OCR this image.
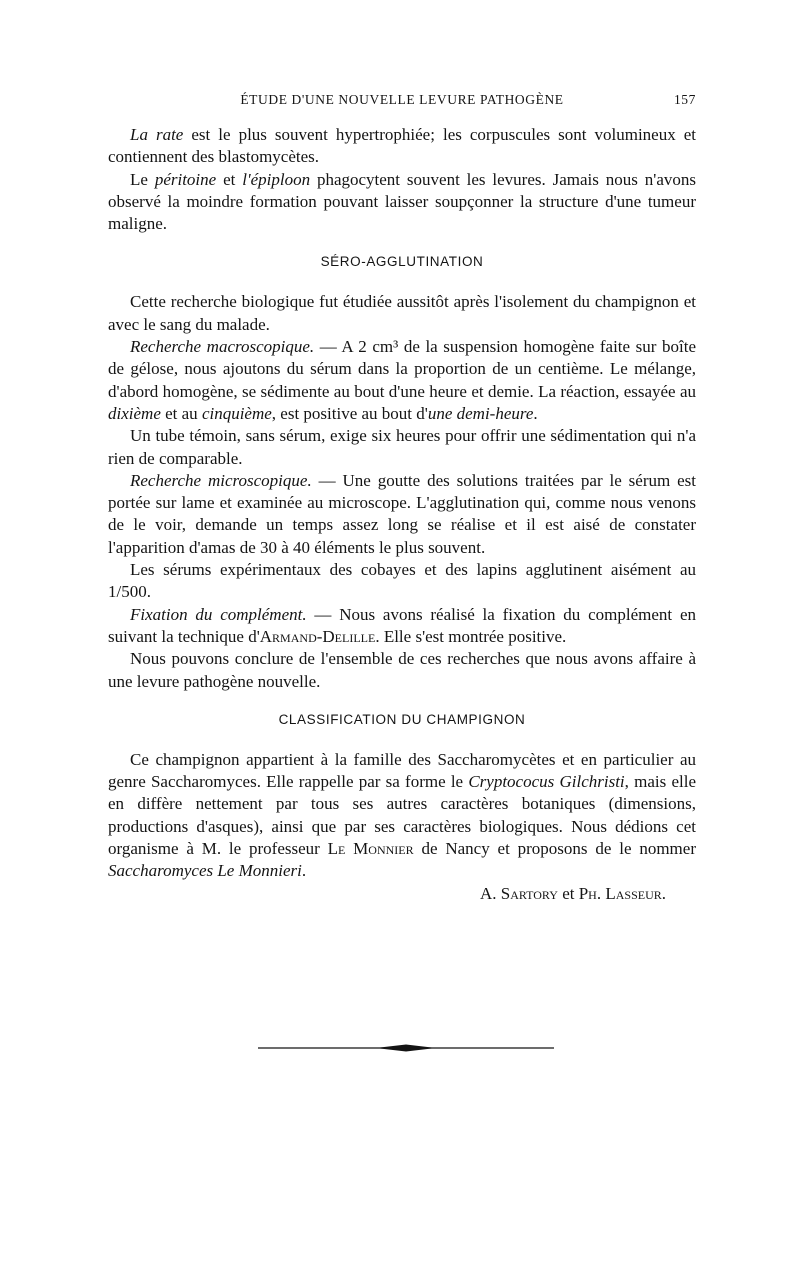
ÉTUDE D'UNE NOUVELLE LEVURE PATHOGÈNE	157

La rate est le plus souvent hypertrophiée; les corpuscules sont volumineux et contiennent des blastomycètes.

Le péritoine et l'épiploon phagocytent souvent les levures. Jamais nous n'avons observé la moindre formation pouvant laisser soupçonner la structure d'une tumeur maligne.

SÉRO-AGGLUTINATION

Cette recherche biologique fut étudiée aussitôt après l'isolement du champignon et avec le sang du malade.

Recherche macroscopique. — A 2 cm³ de la suspension homogène faite sur boîte de gélose, nous ajoutons du sérum dans la proportion de un centième. Le mélange, d'abord homogène, se sédimente au bout d'une heure et demie. La réaction, essayée au dixième et au cinquième, est positive au bout d'une demi-heure.

Un tube témoin, sans sérum, exige six heures pour offrir une sédimentation qui n'a rien de comparable.

Recherche microscopique. — Une goutte des solutions traitées par le sérum est portée sur lame et examinée au microscope. L'agglutination qui, comme nous venons de le voir, demande un temps assez long se réalise et il est aisé de constater l'apparition d'amas de 30 à 40 éléments le plus souvent.

Les sérums expérimentaux des cobayes et des lapins agglutinent aisément au 1/500.

Fixation du complément. — Nous avons réalisé la fixation du complément en suivant la technique d'Armand-Delille. Elle s'est montrée positive.

Nous pouvons conclure de l'ensemble de ces recherches que nous avons affaire à une levure pathogène nouvelle.

CLASSIFICATION DU CHAMPIGNON

Ce champignon appartient à la famille des Saccharomycètes et en particulier au genre Saccharomyces. Elle rappelle par sa forme le Cryptococus Gilchristi, mais elle en diffère nettement par tous ses autres caractères botaniques (dimensions, productions d'asques), ainsi que par ses caractères biologiques. Nous dédions cet organisme à M. le professeur Le Monnier de Nancy et proposons de le nommer Saccharomyces Le Monnieri.

A. Sartory et Ph. Lasseur.
